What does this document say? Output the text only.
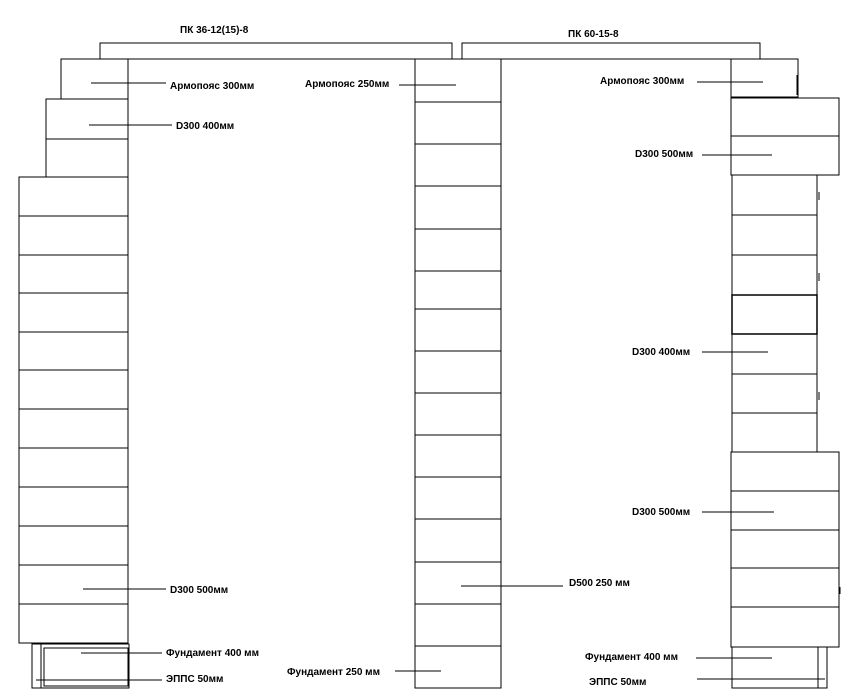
ПК 36-12(15)-8	ПК 60-15-8
Армопояс 300мм
D300 400мм
D300 500мм
Фундамент 400 мм
ЭППС 50мм
Армопояс 250мм
D500 250 мм
Фундамент 250 мм
Армопояс 300мм
D300 500мм
D300 400мм
D300 500мм
Фундамент 400 мм
ЭППС 50мм
